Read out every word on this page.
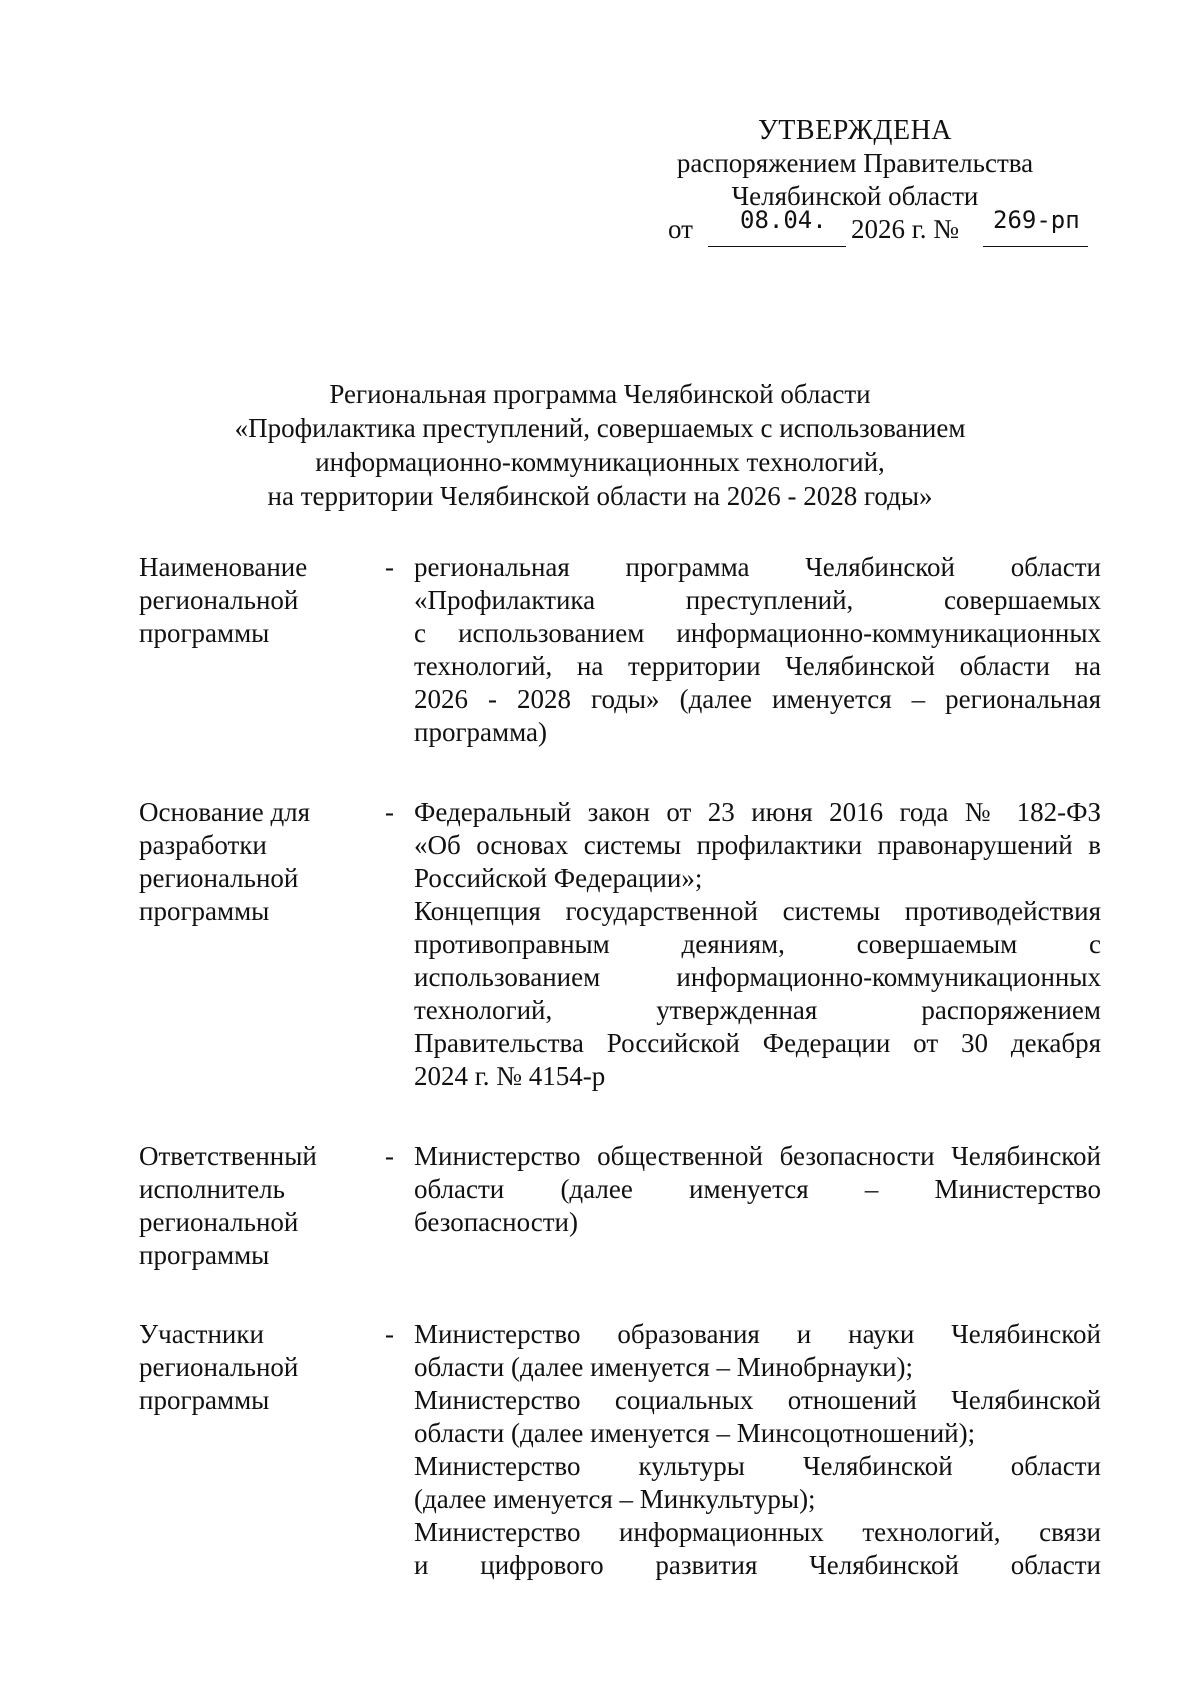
УТВЕРЖДЕНА
распоряжением Правительства
Челябинской области
от 08.04. 2026 г. № 269-рп
Региональная программа Челябинской области
«Профилактика преступлений, совершаемых с использованием
информационно-коммуникационных технологий,
на территории Челябинской области на 2026 - 2028 годы»
Наименование
региональной
программы
- региональная программа Челябинской области

«Профилактика преступлений, совершаемых

с использованием информационно-коммуникационных

технологий, на территории Челябинской области на

2026 - 2028 годы» (далее именуется – региональная

программа)

Основание для
разработки
региональной
программы
- Федеральный закон от 23 июня 2016 года № 182-ФЗ

«Об основах системы профилактики правонарушений в

Российской Федерации»;

Концепция государственной системы противодействия

противоправным деяниям, совершаемым с

использованием информационно-коммуникационных

технологий, утвержденная распоряжением

Правительства Российской Федерации от 30 декабря

2024 г. № 4154-р

Ответственный
исполнитель
региональной
программы
- Министерство общественной безопасности Челябинской

области (далее именуется – Министерство

безопасности)

Участники
региональной
программы
- Министерство образования и науки Челябинской

области (далее именуется – Минобрнауки);

Министерство социальных отношений Челябинской

области (далее именуется – Минсоцотношений);

Министерство культуры Челябинской области

(далее именуется – Минкультуры);

Министерство информационных технологий, связи

и цифрового развития Челябинской области
